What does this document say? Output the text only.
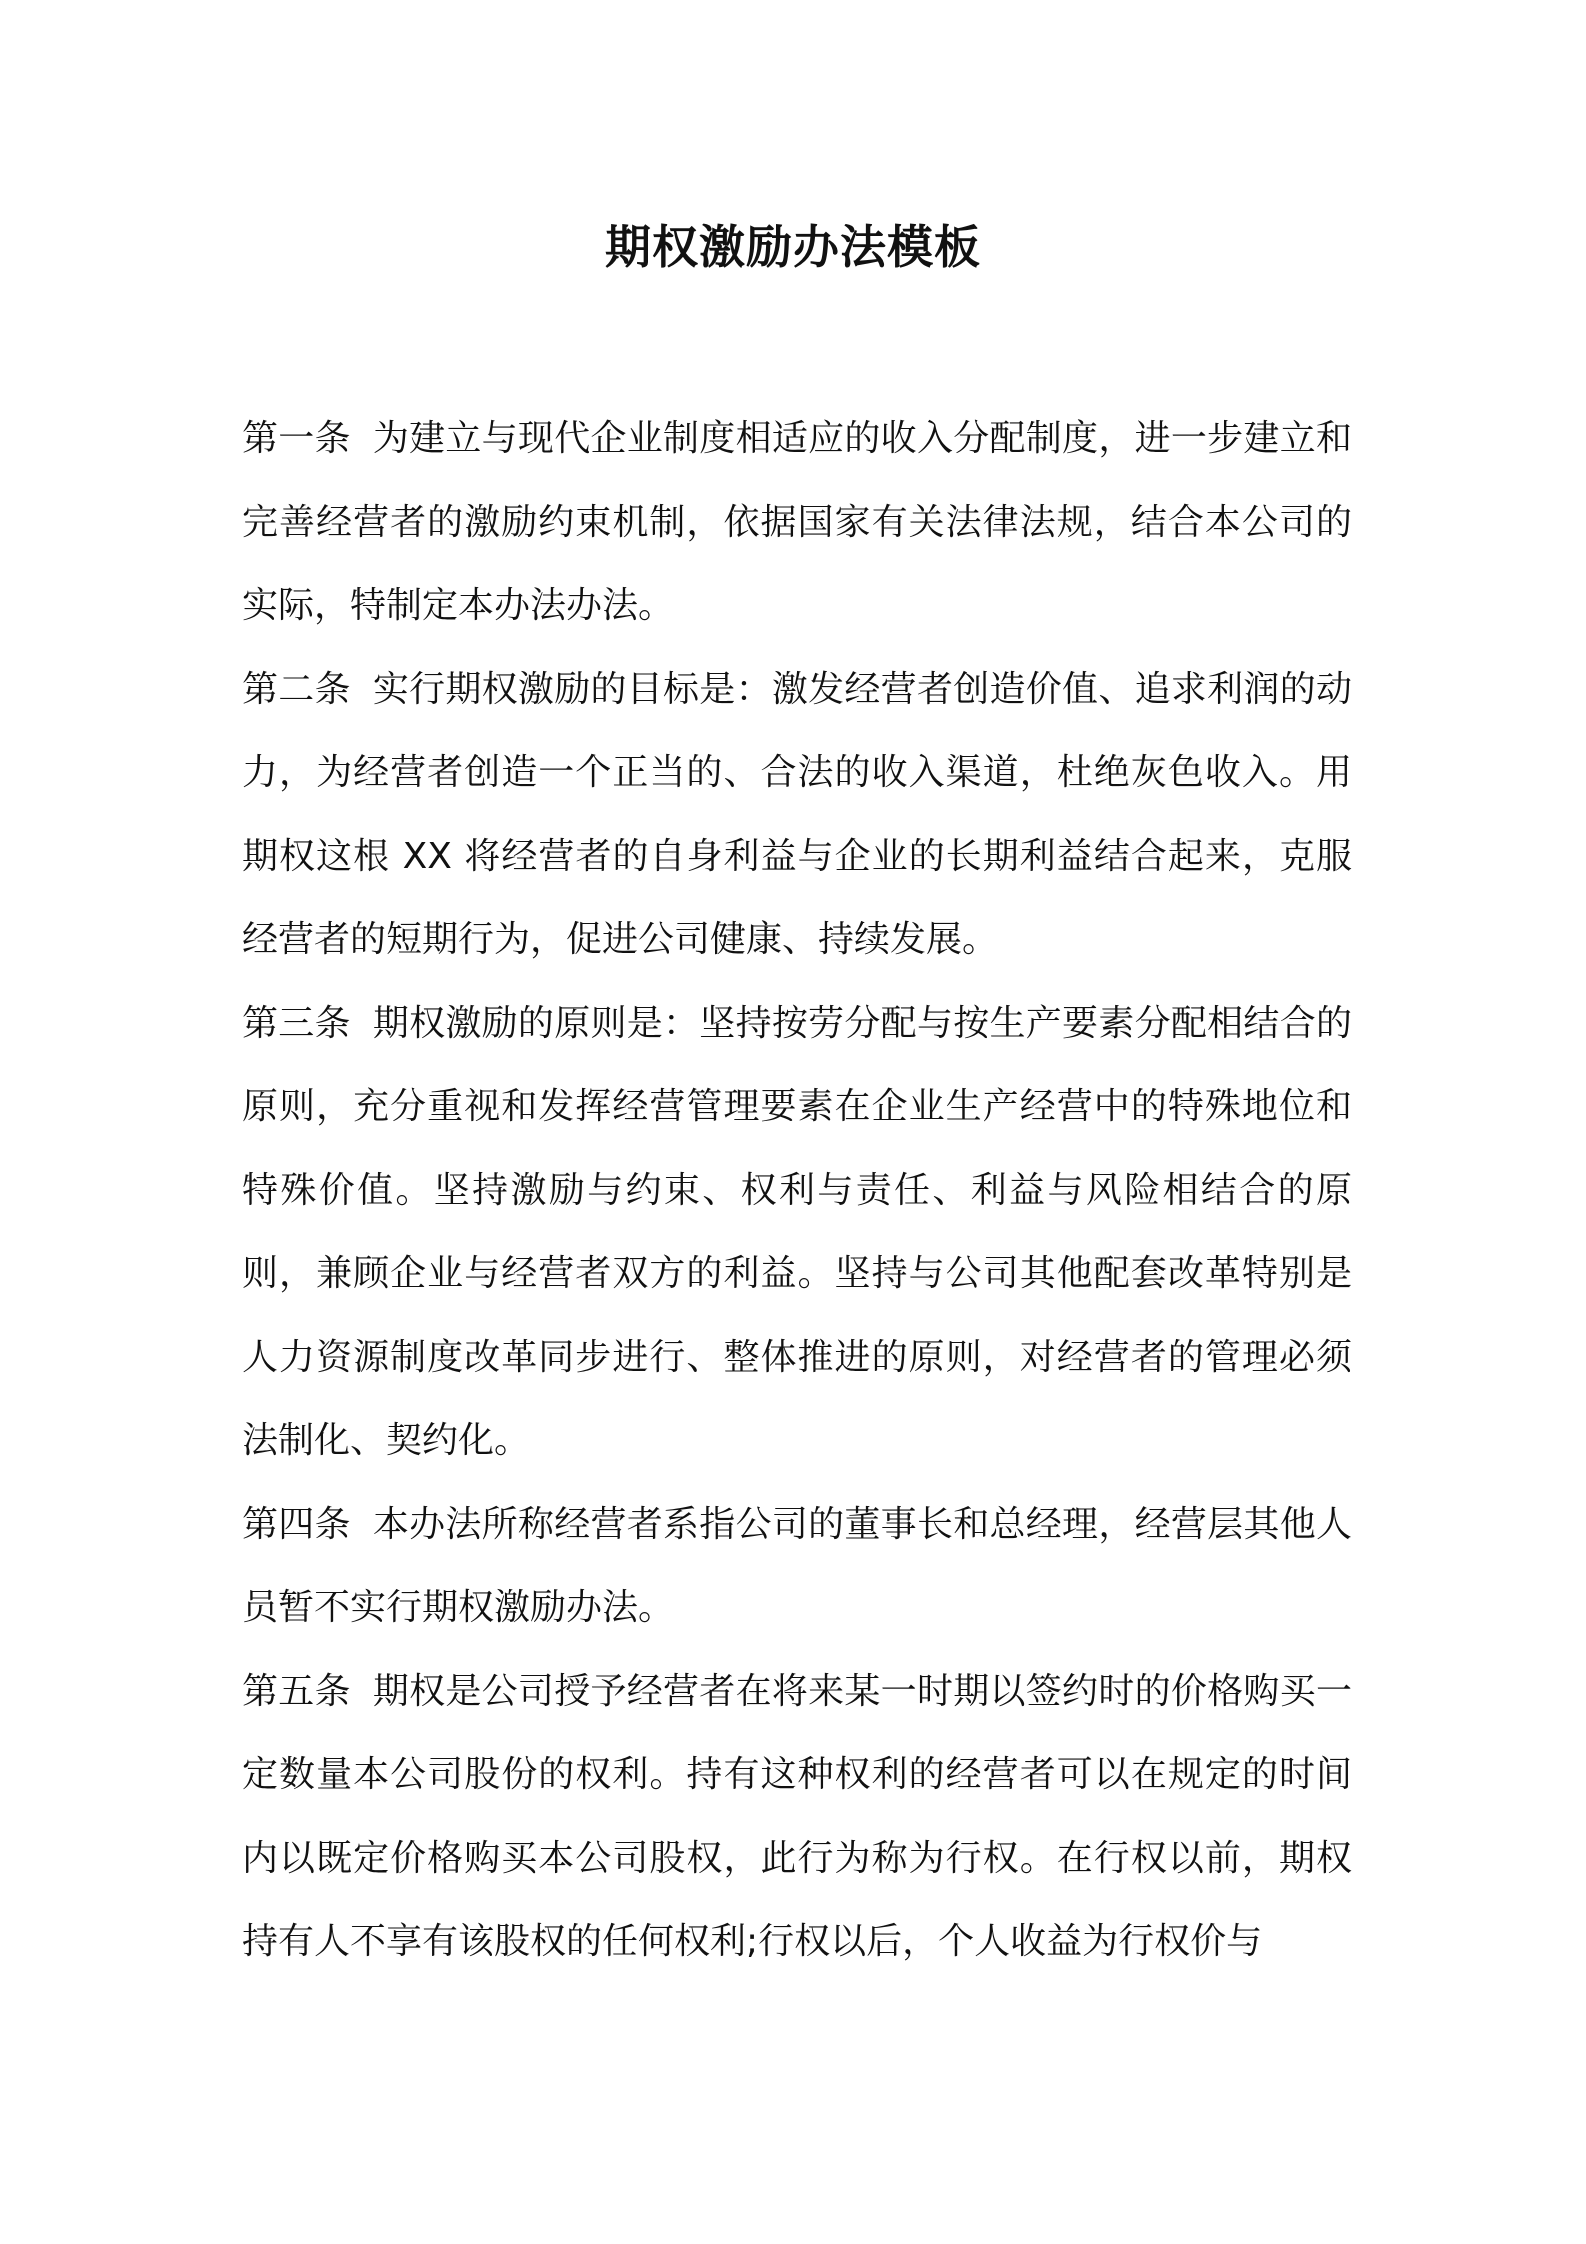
期权激励办法模板

第一条 为建立与现代企业制度相适应的收入分配制度，进一步建立和完善经营者的激励约束机制，依据国家有关法律法规，结合本公司的实际，特制定本办法办法。

第二条 实行期权激励的目标是：激发经营者创造价值、追求利润的动力，为经营者创造一个正当的、合法的收入渠道，杜绝灰色收入。用期权这根 XX 将经营者的自身利益与企业的长期利益结合起来，克服经营者的短期行为，促进公司健康、持续发展。

第三条 期权激励的原则是：坚持按劳分配与按生产要素分配相结合的原则，充分重视和发挥经营管理要素在企业生产经营中的特殊地位和特殊价值。坚持激励与约束、权利与责任、利益与风险相结合的原则，兼顾企业与经营者双方的利益。坚持与公司其他配套改革特别是人力资源制度改革同步进行、整体推进的原则，对经营者的管理必须法制化、契约化。

第四条 本办法所称经营者系指公司的董事长和总经理，经营层其他人员暂不实行期权激励办法。

第五条 期权是公司授予经营者在将来某一时期以签约时的价格购买一定数量本公司股份的权利。持有这种权利的经营者可以在规定的时间内以既定价格购买本公司股权，此行为称为行权。在行权以前，期权持有人不享有该股权的任何权利;行权以后，个人收益为行权价与
